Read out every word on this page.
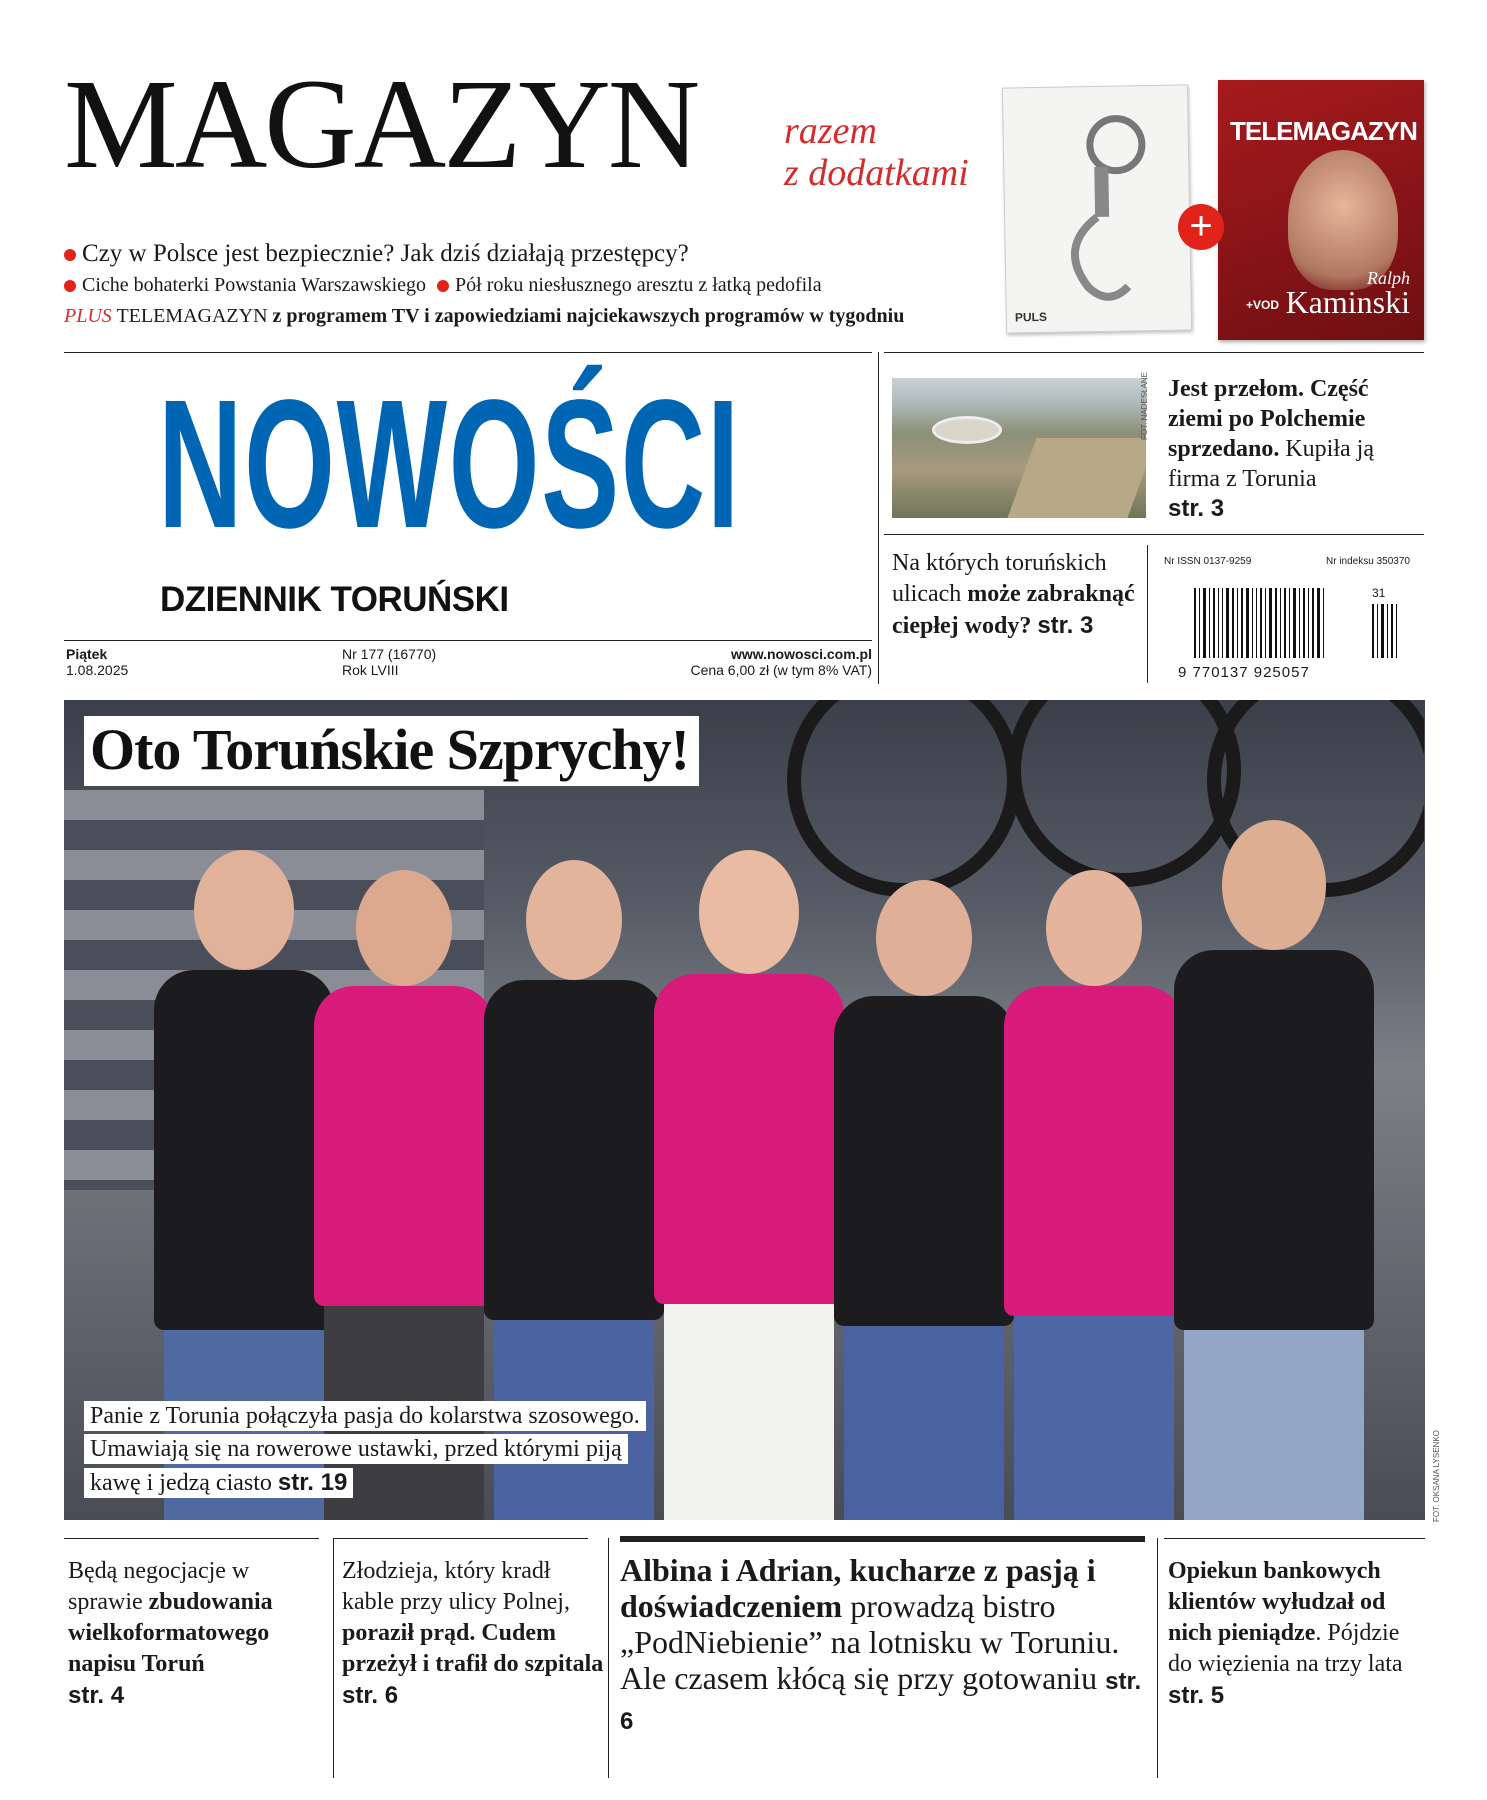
MAGAZYN razem
z dodatkami
Czy w Polsce jest bezpiecznie? Jak dziś działają przestępcy?
Ciche bohaterki Powstania Warszawskiego Pół roku niesłusznego aresztu z łatką pedofila
PLUS TELEMAGAZYN z programem TV i zapowiedziami najciekawszych programów w tygodniu	PULS
TELEMAGAZYN
Ralph
Kaminski
+VOD
+
NOWOŚCI
DZIENNIK TORUŃSKI
Piątek
1.08.2025
Nr 177 (16770)
Rok LVIII
www.nowosci.com.pl
Cena 6,00 zł (w tym 8% VAT)
FOT. NADESŁANE Jest przełom. Część ziemi po Polchemie sprzedano. Kupiła ją firma z Torunia
str. 3
Na których toruńskich ulicach może zabraknąć ciepłej wody? str. 3
Nr ISSN 0137-9259	Nr indeksu 350370
31
9 770137 925057
Oto Toruńskie Szprychy!
Panie z Torunia połączyła pasja do kolarstwa szosowego. Umawiają się na rowerowe ustawki, przed którymi piją kawę i jedzą ciasto str. 19	FOT. OKSANA LYSENKO
Będą negocjacje w sprawie zbudowania wielkoformatowego napisu Toruń
str. 4
Złodzieja, który kradł kable przy ulicy Polnej, poraził prąd. Cudem przeżył i trafił do szpitala
str. 6
Albina i Adrian, kucharze z pasją i doświadczeniem prowadzą bistro „PodNiebienie” na lotnisku w Toruniu. Ale czasem kłócą się przy gotowaniu str. 6
Opiekun bankowych klientów wyłudzał od nich pieniądze. Pójdzie do więzienia na trzy lata str. 5
